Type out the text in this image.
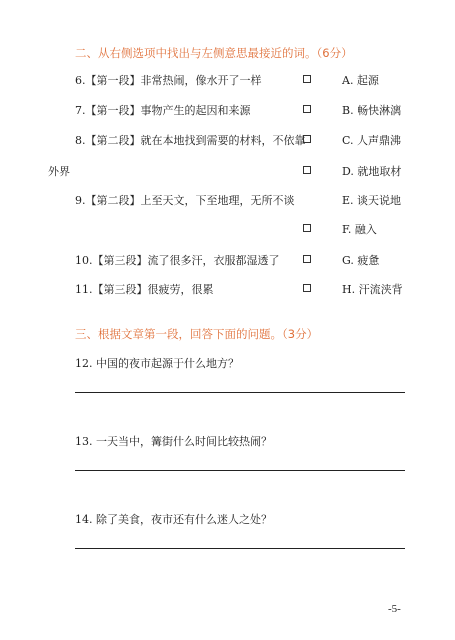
二、从右侧选项中找出与左侧意思最接近的词。（6分）
6.【第一段】非常热闹，像水开了一样
7.【第一段】事物产生的起因和来源
8.【第二段】就在本地找到需要的材料，不依靠
外界
9.【第二段】上至天文，下至地理，无所不谈
10.【第三段】流了很多汗，衣服都湿透了
11.【第三段】很疲劳，很累
A. 起源
B. 畅快淋漓
C. 人声鼎沸
D. 就地取材
E. 谈天说地
F. 融入
G. 疲惫
H. 汗流浃背
三、根据文章第一段，回答下面的问题。（3分）
12. 中国的夜市起源于什么地方？
13. 一天当中，篝街什么时间比较热闹？
14. 除了美食，夜市还有什么迷人之处？
-5-
